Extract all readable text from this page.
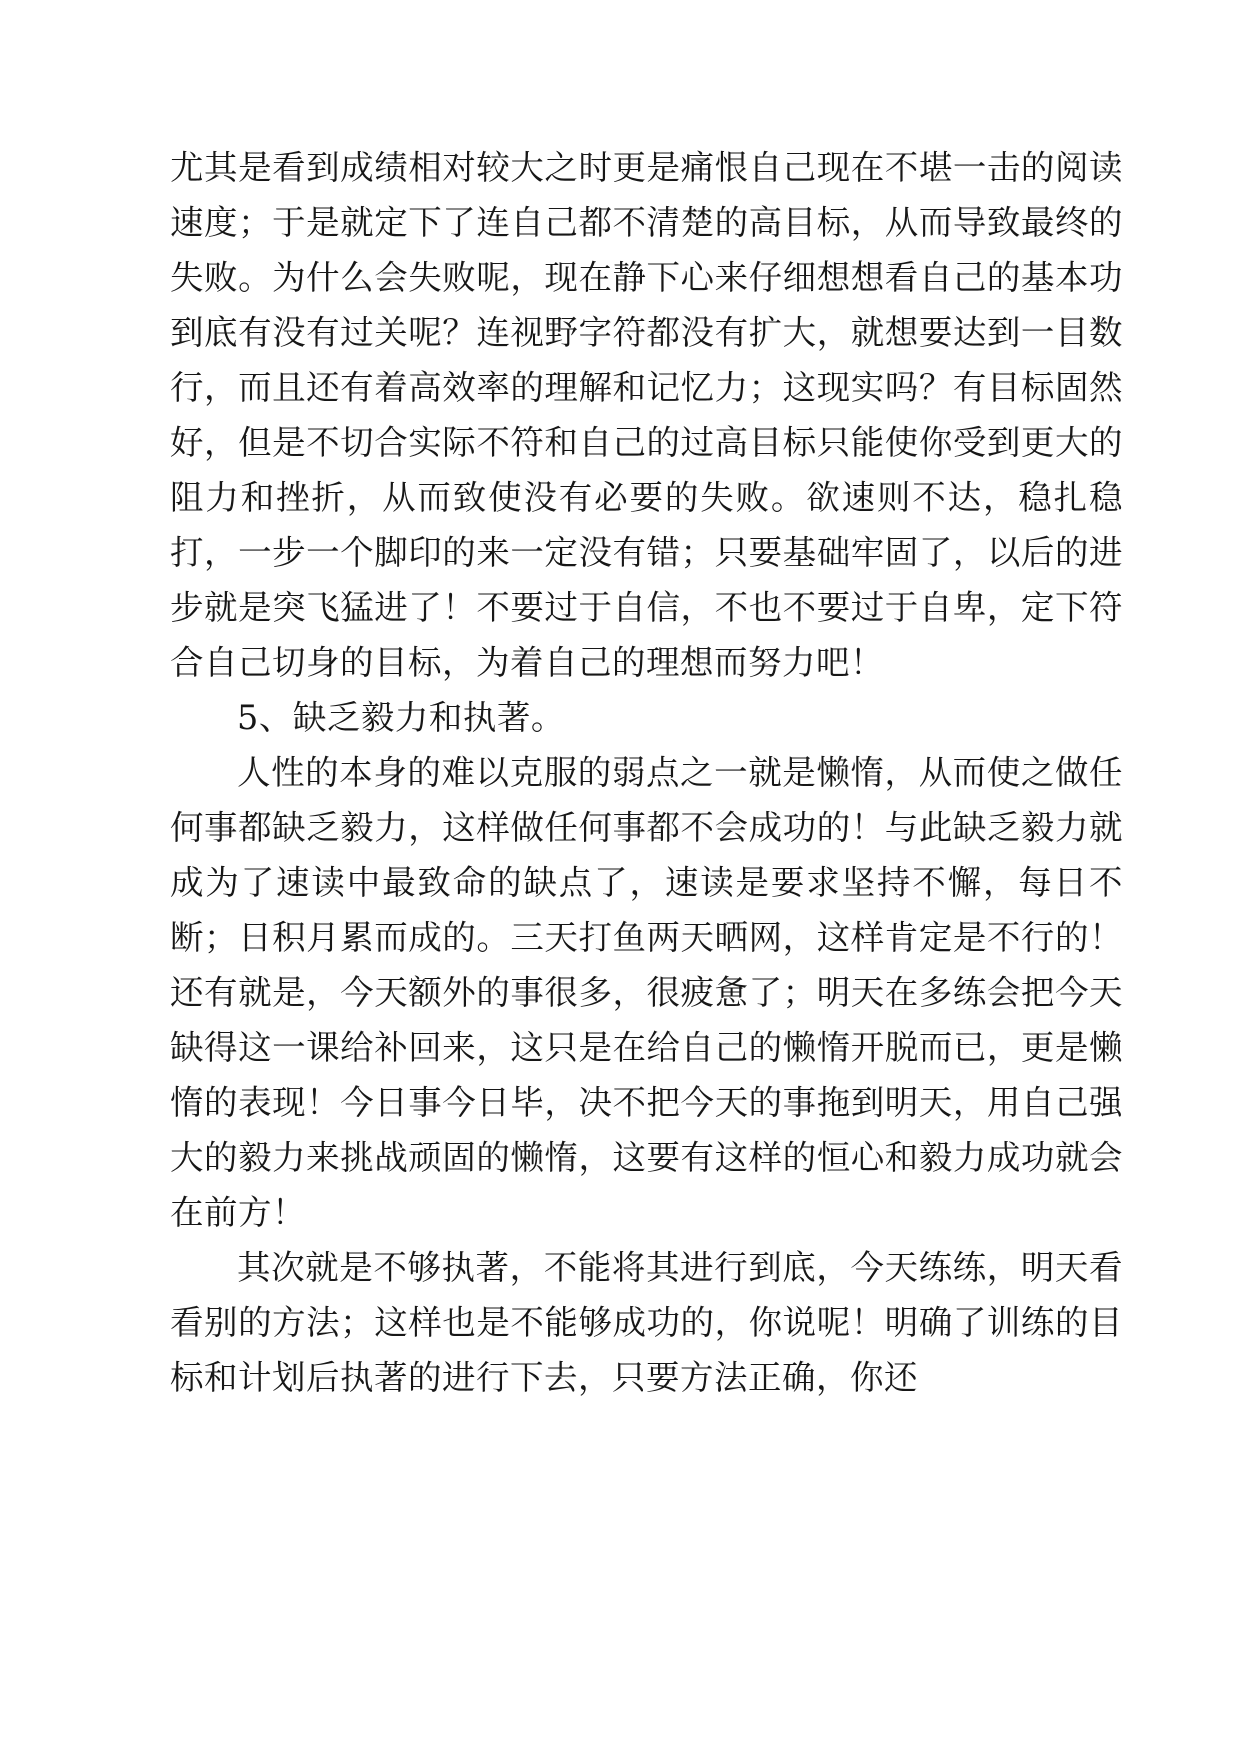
尤其是看到成绩相对较大之时更是痛恨自己现在不堪一击的阅读速度；于是就定下了连自己都不清楚的高目标，从而导致最终的失败。为什么会失败呢，现在静下心来仔细想想看自己的基本功到底有没有过关呢？连视野字符都没有扩大，就想要达到一目数行，而且还有着高效率的理解和记忆力；这现实吗？有目标固然好，但是不切合实际不符和自己的过高目标只能使你受到更大的阻力和挫折，从而致使没有必要的失败。欲速则不达，稳扎稳打，一步一个脚印的来一定没有错；只要基础牢固了，以后的进步就是突飞猛进了！不要过于自信，不也不要过于自卑，定下符合自己切身的目标，为着自己的理想而努力吧！

5、缺乏毅力和执著。

人性的本身的难以克服的弱点之一就是懒惰，从而使之做任何事都缺乏毅力，这样做任何事都不会成功的！与此缺乏毅力就成为了速读中最致命的缺点了，速读是要求坚持不懈，每日不断；日积月累而成的。三天打鱼两天晒网，这样肯定是不行的！还有就是，今天额外的事很多，很疲惫了；明天在多练会把今天缺得这一课给补回来，这只是在给自己的懒惰开脱而已，更是懒惰的表现！今日事今日毕，决不把今天的事拖到明天，用自己强大的毅力来挑战顽固的懒惰，这要有这样的恒心和毅力成功就会在前方！

其次就是不够执著，不能将其进行到底，今天练练，明天看看别的方法；这样也是不能够成功的，你说呢！明确了训练的目标和计划后执著的进行下去，只要方法正确，你还
